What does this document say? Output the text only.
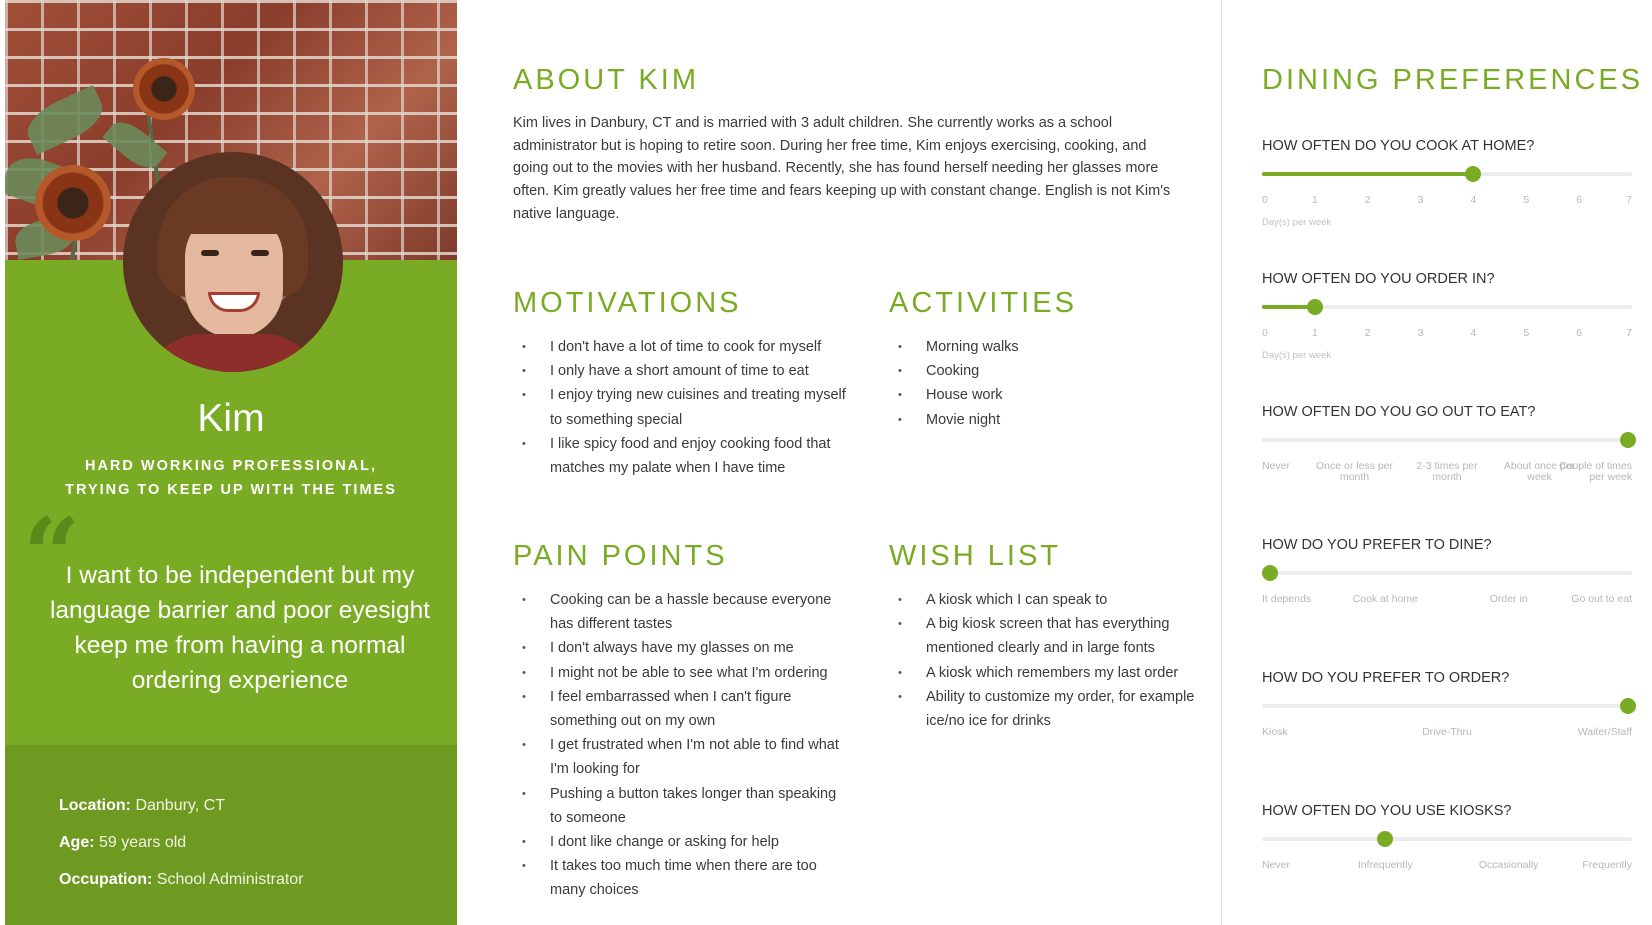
Kim
HARD WORKING PROFESSIONAL,
TRYING TO KEEP UP WITH THE TIMES
“
I want to be independent but my language barrier and poor eyesight keep me from having a normal ordering experience
Location: Danbury, CT
Age: 59 years old
Occupation: School Administrator
ABOUT KIM

Kim lives in Danbury, CT and is married with 3 adult children. She currently works as a school administrator but is hoping to retire soon. During her free time, Kim enjoys exercising, cooking, and going out to the movies with her husband. Recently, she has found herself needing her glasses more often. Kim greatly values her free time and fears keeping up with constant change. English is not Kim's native language.

MOTIVATIONS
• I don't have a lot of time to cook for myself
• I only have a short amount of time to eat
• I enjoy trying new cuisines and treating myself to something special
• I like spicy food and enjoy cooking food that matches my palate when I have time
ACTIVITIES
• Morning walks
• Cooking
• House work
• Movie night
PAIN POINTS
• Cooking can be a hassle because everyone has different tastes
• I don't always have my glasses on me
• I might not be able to see what I'm ordering
• I feel embarrassed when I can't figure something out on my own
• I get frustrated when I'm not able to find what I'm looking for
• Pushing a button takes longer than speaking to someone
• I dont like change or asking for help
• It takes too much time when there are too many choices
WISH LIST
• A kiosk which I can speak to
• A big kiosk screen that has everything mentioned clearly and in large fonts
• A kiosk which remembers my last order
• Ability to customize my order, for example ice/no ice for drinks
DINING PREFERENCES
HOW OFTEN DO YOU COOK AT HOME?
0	1	2	3	4	5	6	7
Day(s) per week
HOW OFTEN DO YOU ORDER IN?
0	1	2	3	4	5	6	7
Day(s) per week
HOW OFTEN DO YOU GO OUT TO EAT?
Never Once or less per month
2-3 times per month
About once per week
Couple of times per week
HOW DO YOU PREFER TO DINE?
It depends	Cook at home	Order in	Go out to eat
HOW DO YOU PREFER TO ORDER?
Kiosk	Drive-Thru	Waiter/Staff
HOW OFTEN DO YOU USE KIOSKS?
Never	Infrequently	Occasionally	Frequently
